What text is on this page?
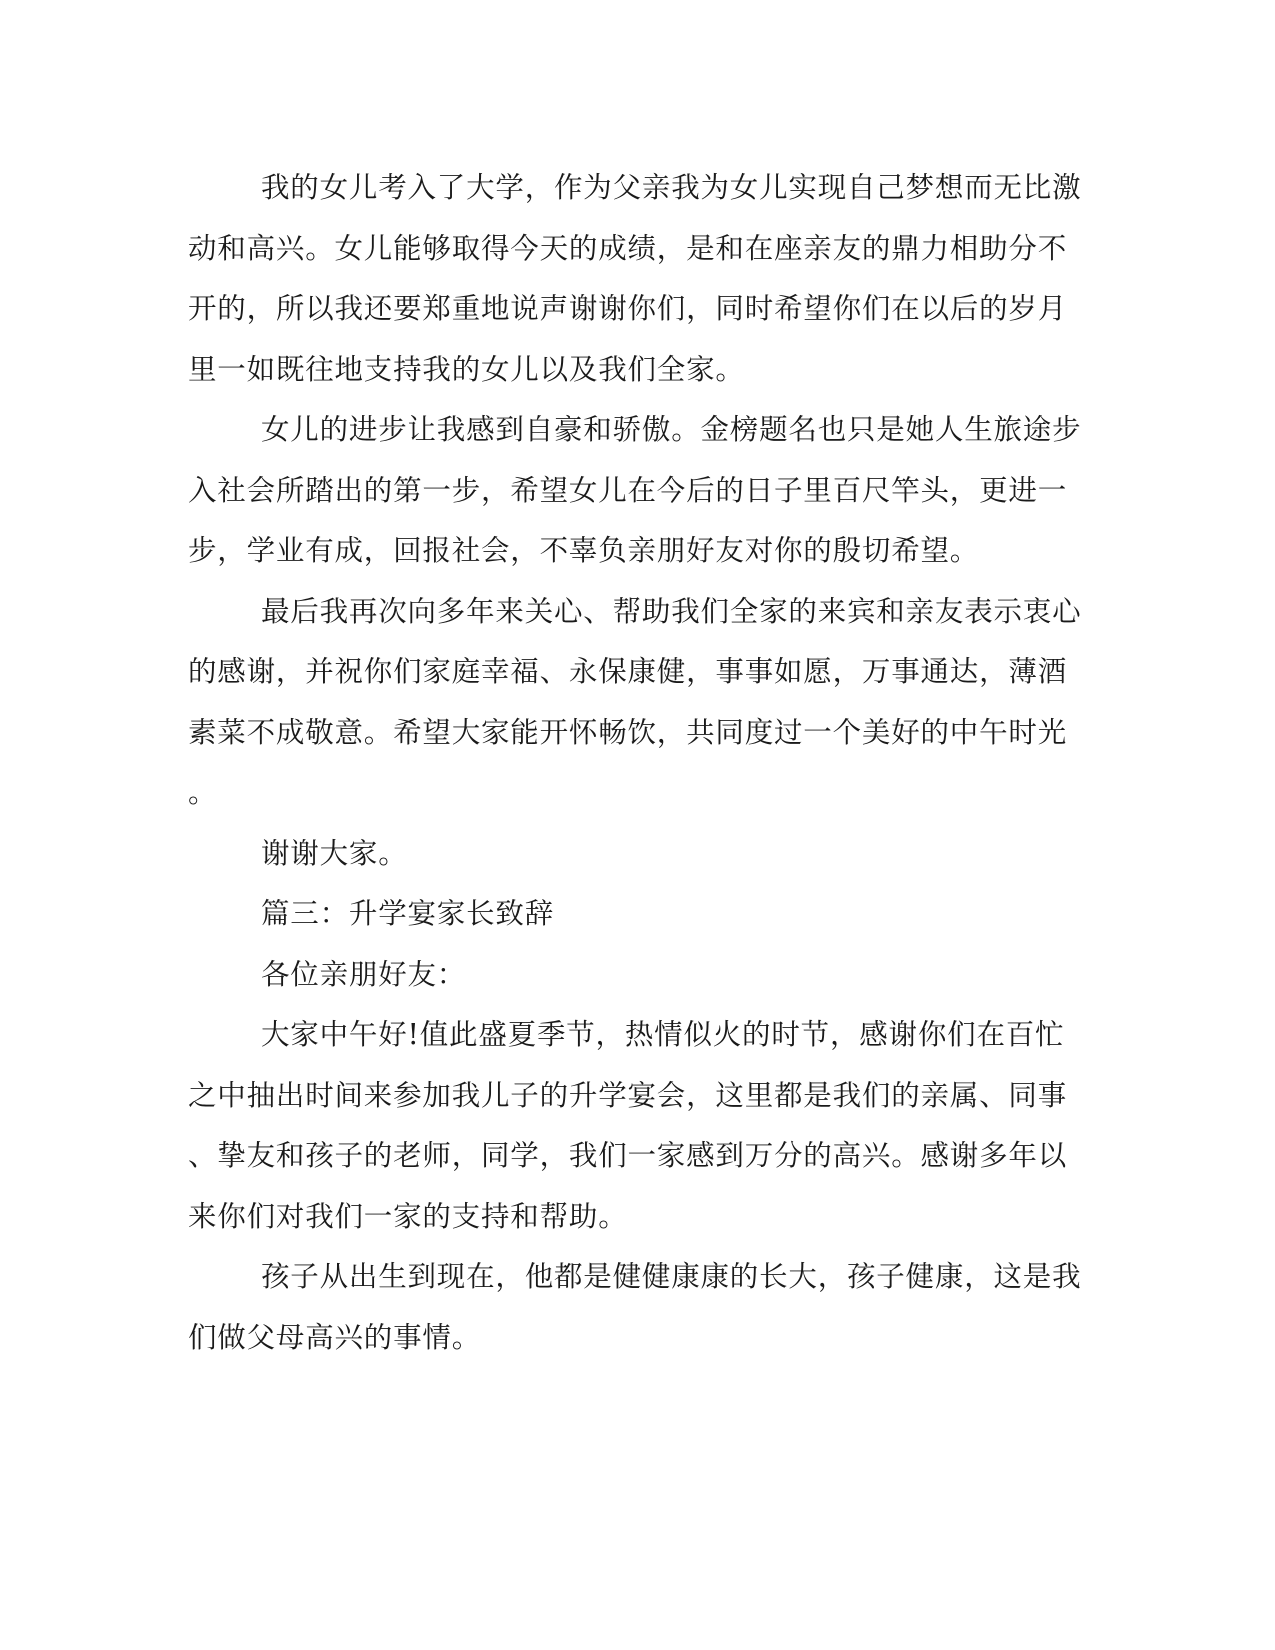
我的女儿考入了大学，作为父亲我为女儿实现自己梦想而无比激
动和高兴。女儿能够取得今天的成绩，是和在座亲友的鼎力相助分不
开的，所以我还要郑重地说声谢谢你们，同时希望你们在以后的岁月
里一如既往地支持我的女儿以及我们全家。
女儿的进步让我感到自豪和骄傲。金榜题名也只是她人生旅途步
入社会所踏出的第一步，希望女儿在今后的日子里百尺竿头，更进一
步，学业有成，回报社会，不辜负亲朋好友对你的殷切希望。
最后我再次向多年来关心、帮助我们全家的来宾和亲友表示衷心
的感谢，并祝你们家庭幸福、永保康健，事事如愿，万事通达，薄酒
素菜不成敬意。希望大家能开怀畅饮，共同度过一个美好的中午时光
。
谢谢大家。
篇三：升学宴家长致辞
各位亲朋好友：
大家中午好!值此盛夏季节，热情似火的时节，感谢你们在百忙
之中抽出时间来参加我儿子的升学宴会，这里都是我们的亲属、同事
、挚友和孩子的老师，同学，我们一家感到万分的高兴。感谢多年以
来你们对我们一家的支持和帮助。
孩子从出生到现在，他都是健健康康的长大，孩子健康，这是我
们做父母高兴的事情。
